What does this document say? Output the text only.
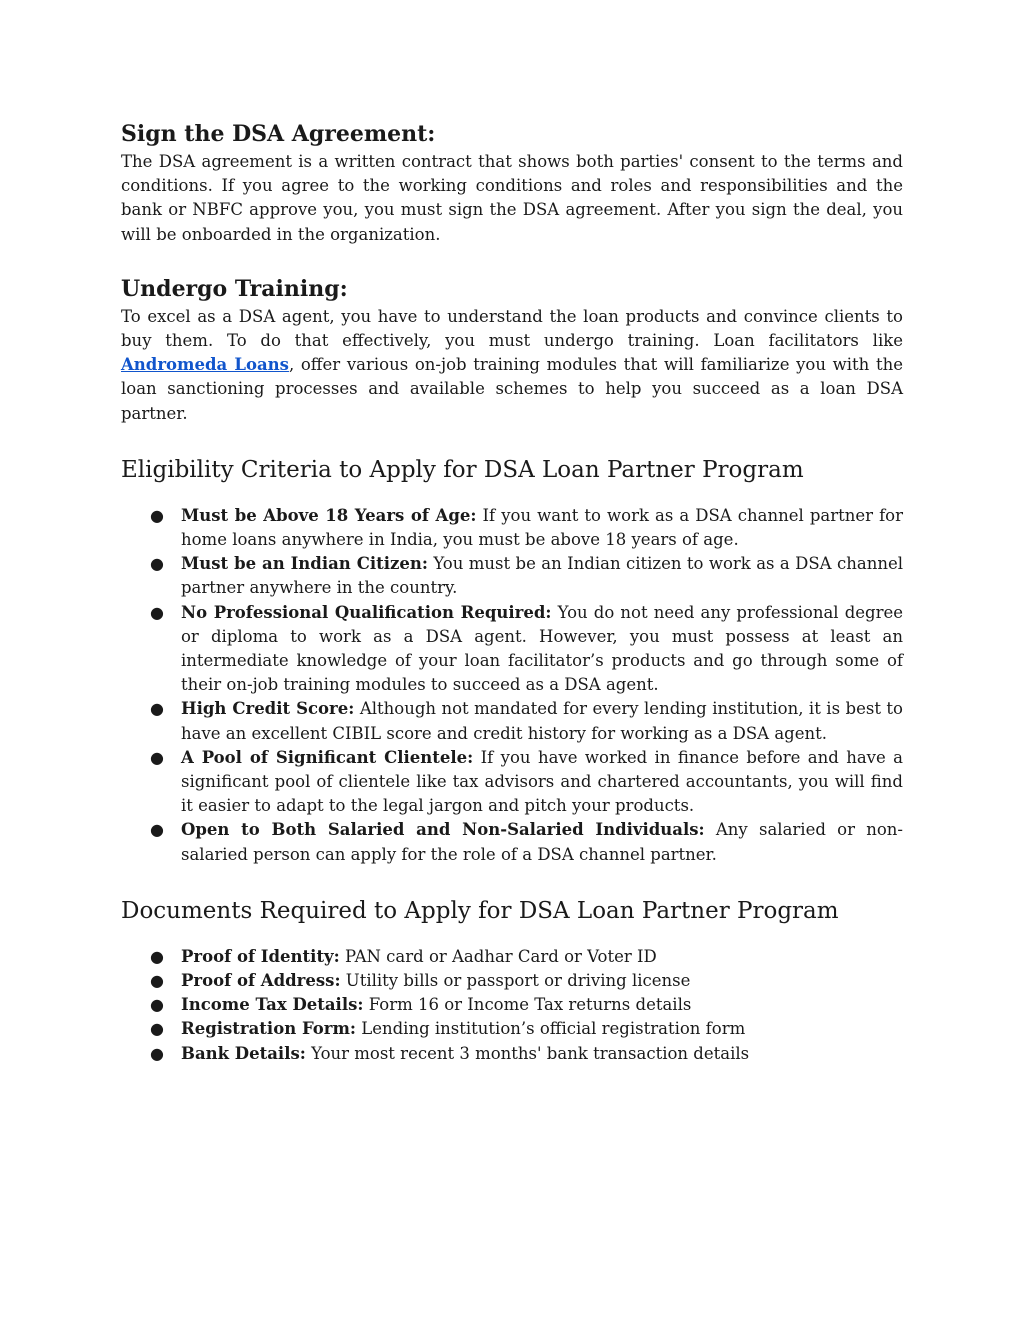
Sign the DSA Agreement:

The DSA agreement is a written contract that shows both parties' consent to the terms and conditions. If you agree to the working conditions and roles and responsibilities and the bank or NBFC approve you, you must sign the DSA agreement. After you sign the deal, you will be onboarded in the organization.

Undergo Training:

To excel as a DSA agent, you have to understand the loan products and convince clients to buy them. To do that effectively, you must undergo training. Loan facilitators like Andromeda Loans, offer various on-job training modules that will familiarize you with the loan sanctioning processes and available schemes to help you succeed as a loan DSA partner.

Eligibility Criteria to Apply for DSA Loan Partner Program
● Must be Above 18 Years of Age: If you want to work as a DSA channel partner for home loans anywhere in India, you must be above 18 years of age.
● Must be an Indian Citizen: You must be an Indian citizen to work as a DSA channel partner anywhere in the country.
● No Professional Qualification Required: You do not need any professional degree or diploma to work as a DSA agent. However, you must possess at least an intermediate knowledge of your loan facilitator’s products and go through some of their on-job training modules to succeed as a DSA agent.
● High Credit Score: Although not mandated for every lending institution, it is best to have an excellent CIBIL score and credit history for working as a DSA agent.
● A Pool of Significant Clientele: If you have worked in finance before and have a significant pool of clientele like tax advisors and chartered accountants, you will find it easier to adapt to the legal jargon and pitch your products.
● Open to Both Salaried and Non-Salaried Individuals: Any salaried or non-salaried person can apply for the role of a DSA channel partner.
Documents Required to Apply for DSA Loan Partner Program
● Proof of Identity: PAN card or Aadhar Card or Voter ID
● Proof of Address: Utility bills or passport or driving license
● Income Tax Details: Form 16 or Income Tax returns details
● Registration Form: Lending institution’s official registration form
● Bank Details: Your most recent 3 months' bank transaction details
